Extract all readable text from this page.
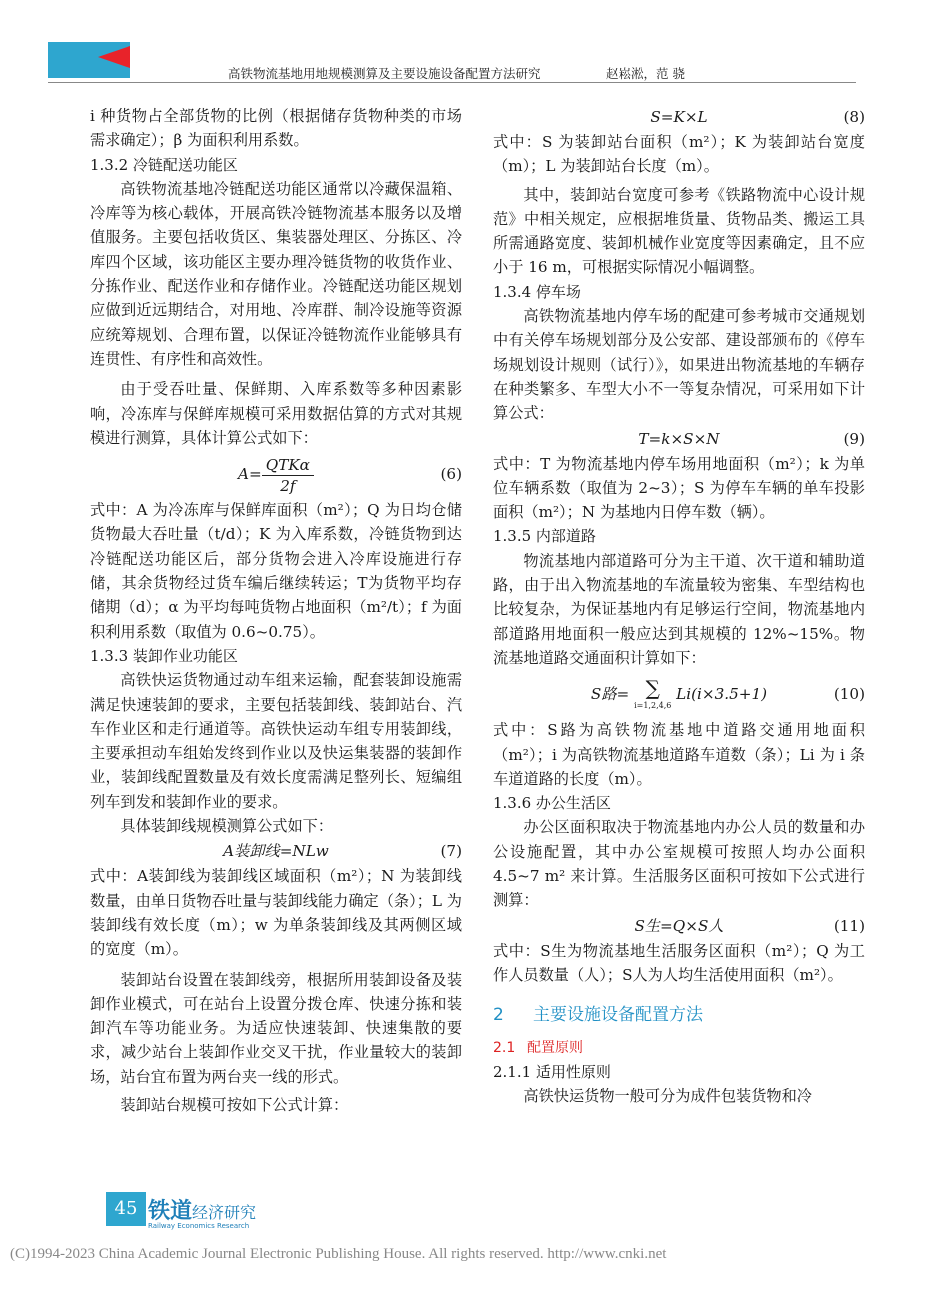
高铁物流基地用地规模测算及主要设施设备配置方法研究	赵崧淞，范 骁

i 种货物占全部货物的比例（根据储存货物种类的市场需求确定）；β 为面积利用系数。

1.3.2 冷链配送功能区

高铁物流基地冷链配送功能区通常以冷藏保温箱、冷库等为核心载体，开展高铁冷链物流基本服务以及增值服务。主要包括收货区、集装器处理区、分拣区、冷库四个区域，该功能区主要办理冷链货物的收货作业、分拣作业、配送作业和存储作业。冷链配送功能区规划应做到近远期结合，对用地、冷库群、制冷设施等资源应统筹规划、合理布置，以保证冷链物流作业能够具有连贯性、有序性和高效性。

由于受吞吐量、保鲜期、入库系数等多种因素影响，冷冻库与保鲜库规模可采用数据估算的方式对其规模进行测算，具体计算公式如下：

$A= \frac{\text{QTKα}}{2f}$	(6)

式中：A 为冷冻库与保鲜库面积（m²）；Q 为日均仓储货物最大吞吐量（t/d）；K 为入库系数，冷链货物到达冷链配送功能区后，部分货物会进入冷库设施进行存储，其余货物经过货车编后继续转运；T为货物平均存储期（d）；α 为平均每吨货物占地面积（m²/t）；f 为面积利用系数（取值为 0.6~0.75）。

1.3.3 装卸作业功能区

高铁快运货物通过动车组来运输，配套装卸设施需满足快速装卸的要求，主要包括装卸线、装卸站台、汽车作业区和走行通道等。高铁快运动车组专用装卸线，主要承担动车组始发终到作业以及快运集装器的装卸作业，装卸线配置数量及有效长度需满足整列长、短编组列车到发和装卸作业的要求。

具体装卸线规模测算公式如下：

A装卸线=NLw	(7)

式中：A装卸线为装卸线区域面积（m²）；N 为装卸线数量，由单日货物吞吐量与装卸线能力确定（条）；L 为装卸线有效长度（m）；w 为单条装卸线及其两侧区域的宽度（m）。

装卸站台设置在装卸线旁，根据所用装卸设备及装卸作业模式，可在站台上设置分拨仓库、快速分拣和装卸汽车等功能业务。为适应快速装卸、快速集散的要求，减少站台上装卸作业交叉干扰，作业量较大的装卸场，站台宜布置为两台夹一线的形式。

装卸站台规模可按如下公式计算：

S=K×L	(8)

式中：S 为装卸站台面积（m²）；K 为装卸站台宽度（m）；L 为装卸站台长度（m）。

其中，装卸站台宽度可参考《铁路物流中心设计规范》中相关规定，应根据堆货量、货物品类、搬运工具所需通路宽度、装卸机械作业宽度等因素确定，且不应小于 16 m，可根据实际情况小幅调整。

1.3.4 停车场

高铁物流基地内停车场的配建可参考城市交通规划中有关停车场规划部分及公安部、建设部颁布的《停车场规划设计规则（试行）》，如果进出物流基地的车辆存在种类繁多、车型大小不一等复杂情况，可采用如下计算公式：

T=k×S×N	(9)

式中：T 为物流基地内停车场用地面积（m²）；k 为单位车辆系数（取值为 2~3）；S 为停车车辆的单车投影面积（m²）；N 为基地内日停车数（辆）。

1.3.5 内部道路

物流基地内部道路可分为主干道、次干道和辅助道路，由于出入物流基地的车流量较为密集、车型结构也比较复杂，为保证基地内有足够运行空间，物流基地内部道路用地面积一般应达到其规模的 12%~15%。物流基地道路交通面积计算如下：

S路= ∑
i=1,2,4,6
Li(i×3.5+1)	(10)

式中：S路为高铁物流基地中道路交通用地面积（m²）；i 为高铁物流基地道路车道数（条）；Li 为 i 条车道道路的长度（m）。

1.3.6 办公生活区

办公区面积取决于物流基地内办公人员的数量和办公设施配置，其中办公室规模可按照人均办公面积 4.5~7 m² 来计算。生活服务区面积可按如下公式进行测算：

S生=Q×S人	(11)

式中：S生为物流基地生活服务区面积（m²）；Q 为工作人员数量（人）；S人为人均生活使用面积（m²）。

2 主要设施设备配置方法
2.1 配置原则

2.1.1 适用性原则

高铁快运货物一般可分为成件包装货物和冷

45 铁道经济研究
Railway Economics Research
(C)1994-2023 China Academic Journal Electronic Publishing House. All rights reserved. http://www.cnki.net
